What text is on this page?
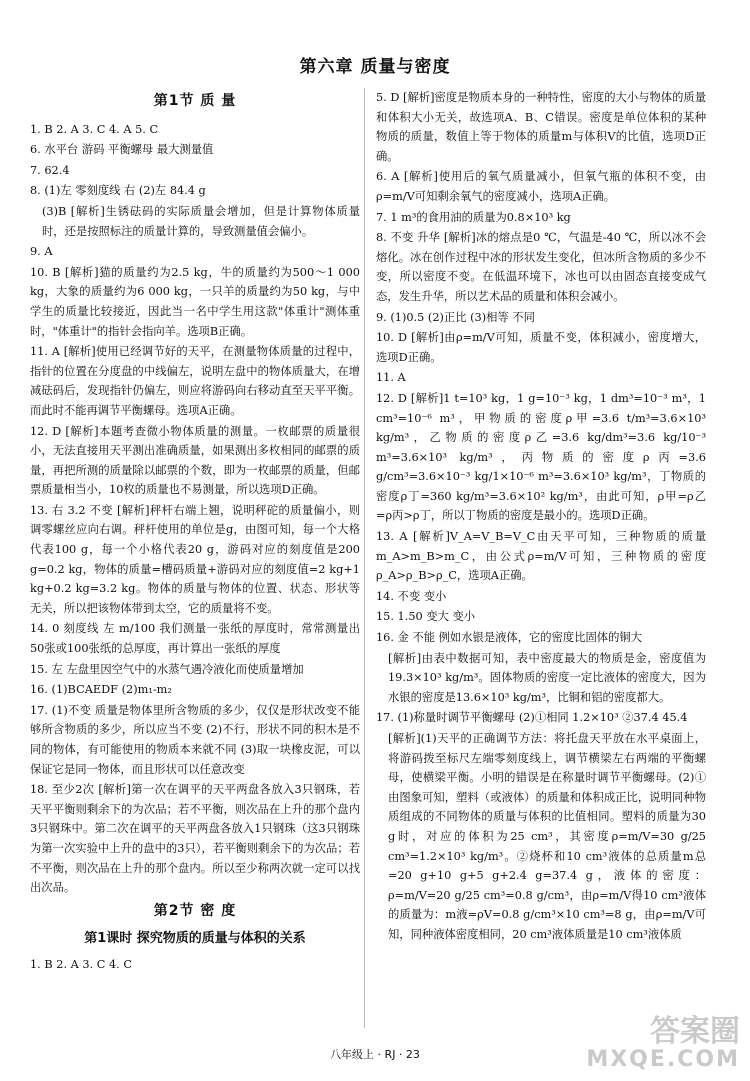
第六章 质量与密度
第1节 质 量
1. B 2. A 3. C 4. A 5. C
6. 水平台 游码 平衡螺母 最大测量值
7. 62.4
8. (1)左 零刻度线 右 (2)左 84.4 g
(3)B [解析]生锈砝码的实际质量会增加，但是计算物体质量时，还是按照标注的质量计算的，导致测量值会偏小。
9. A
10. B [解析]猫的质量约为2.5 kg，牛的质量约为500～1 000 kg，大象的质量约为6 000 kg，一只羊的质量约为50 kg，与中学生的质量比较接近，因此当一名中学生用这款"体重计"测体重时，"体重计"的指针会指向羊。选项B正确。
11. A [解析]使用已经调节好的天平，在测量物体质量的过程中，指针的位置在分度盘的中线偏左，说明左盘中的物体质量大，在增减砝码后，发现指针仍偏左，则应将游码向右移动直至天平平衡。而此时不能再调节平衡螺母。选项A正确。
12. D [解析]本题考查微小物体质量的测量。一枚邮票的质量很小，无法直接用天平测出准确质量，如果测出多枚相同的邮票的质量，再把所测的质量除以邮票的个数，即为一枚邮票的质量，但邮票质量相当小，10枚的质量也不易测量，所以选项D正确。
13. 右 3.2 不变 [解析]秤杆右端上翘，说明秤砣的质量偏小，则调零螺丝应向右调。秤杆使用的单位是g，由图可知，每一个大格代表100 g，每一个小格代表20 g，游码对应的刻度值是200 g=0.2 kg，物体的质量=槽码质量+游码对应的刻度值=2 kg+1 kg+0.2 kg=3.2 kg。物体的质量与物体的位置、状态、形状等无关，所以把该物体带到太空，它的质量将不变。
14. 0 刻度线 左 m/100 我们测量一张纸的厚度时，常常测量出50张或100张纸的总厚度，再计算出一张纸的厚度
15. 左 左盘里因空气中的水蒸气遇冷液化而使质量增加
16. (1)BCAEDF (2)m₁-m₂
17. (1)不变 质量是物体里所含物质的多少，仅仅是形状改变不能够所含物质的多少，所以应当不变 (2)不行，形状不同的积木是不同的物体，有可能使用的物质本来就不同 (3)取一块橡皮泥，可以保证它是同一物体，而且形状可以任意改变
18. 至少2次 [解析]第一次在调平的天平两盘各放入3只钢珠，若天平平衡则剩余下的为次品；若不平衡，则次品在上升的那个盘内3只钢珠中。第二次在调平的天平两盘各放入1只钢珠（这3只钢珠为第一次实验中上升的盘中的3只），若平衡则剩余下的为次品；若不平衡，则次品在上升的那个盘内。所以至少称两次就一定可以找出次品。
第2节 密 度
第1课时 探究物质的质量与体积的关系
1. B 2. A 3. C 4. C
5. D [解析]密度是物质本身的一种特性，密度的大小与物体的质量和体积大小无关，故选项A、B、C错误。密度是单位体积的某种物质的质量，数值上等于物体的质量m与体积V的比值，选项D正确。
6. A [解析]使用后的氧气质量减小，但氧气瓶的体积不变，由ρ=m/V可知剩余氧气的密度减小，选项A正确。
7. 1 m³的食用油的质量为0.8×10³ kg
8. 不变 升华 [解析]冰的熔点是0 ℃，气温是-40 ℃，所以冰不会熔化。冰在创作过程中冰的形状发生变化，但冰所含物质的多少不变，所以密度不变。在低温环境下，冰也可以由固态直接变成气态，发生升华，所以艺术品的质量和体积会减小。
9. (1)0.5 (2)正比 (3)相等 不同
10. D [解析]由ρ=m/V可知，质量不变，体积减小，密度增大，选项D正确。
11. A
12. D [解析]1 t=10³ kg，1 g=10⁻³ kg，1 dm³=10⁻³ m³，1 cm³=10⁻⁶ m³，甲物质的密度ρ甲=3.6 t/m³=3.6×10³ kg/m³，乙物质的密度ρ乙=3.6 kg/dm³=3.6 kg/10⁻³ m³=3.6×10³ kg/m³，丙物质的密度ρ丙=3.6 g/cm³=3.6×10⁻³ kg/1×10⁻⁶ m³=3.6×10³ kg/m³，丁物质的密度ρ丁=360 kg/m³=3.6×10² kg/m³，由此可知，ρ甲=ρ乙=ρ丙>ρ丁，所以丁物质的密度是最小的。选项D正确。
13. A [解析]V_A=V_B=V_C由天平可知，三种物质的质量m_A>m_B>m_C，由公式ρ=m/V可知，三种物质的密度ρ_A>ρ_B>ρ_C，选项A正确。
14. 不变 变小
15. 1.50 变大 变小
16. 金 不能 例如水银是液体，它的密度比固体的铜大
[解析]由表中数据可知，表中密度最大的物质是金，密度值为19.3×10³ kg/m³。固体物质的密度一定比液体的密度大，因为水银的密度是13.6×10³ kg/m³，比铜和铝的密度都大。
17. (1)称量时调节平衡螺母 (2)①相同 1.2×10³ ②37.4 45.4
[解析](1)天平的正确调节方法：将托盘天平放在水平桌面上，将游码拨至标尺左端零刻度线上，调节横梁左右两端的平衡螺母，使横梁平衡。小明的错误是在称量时调节平衡螺母。(2)①由图象可知，塑料（或液体）的质量和体积成正比，说明同种物质组成的不同物体的质量与体积的比值相同。塑料的质量为30 g时，对应的体积为25 cm³，其密度ρ=m/V=30 g/25 cm³=1.2×10³ kg/m³。②烧杯和10 cm³液体的总质量m总=20 g+10 g+5 g+2.4 g=37.4 g，液体的密度：ρ=m/V=20 g/25 cm³=0.8 g/cm³，由ρ=m/V得10 cm³液体的质量为：m液=ρV=0.8 g/cm³×10 cm³=8 g，由ρ=m/V可知，同种液体密度相同，20 cm³液体质量是10 cm³液体质
八年级上 · RJ · 23
答案圈
MXQE.COM
